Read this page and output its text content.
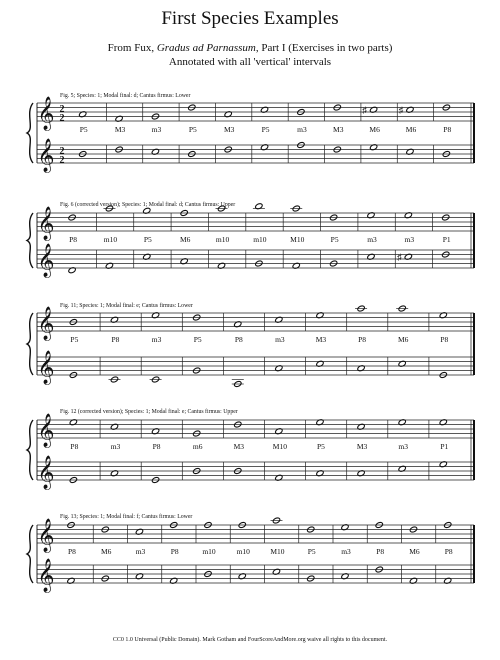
First Species Examples
From Fux, Gradus ad Parnassum, Part I (Exercises in two parts)
Annotated with all 'vertical' intervals
Fig. 5; Species: 1; Modal final: d; Cantus firmus: Lower
𝄞
𝄞
2
2
2
2
P5	M3	m3	P5	M3	P5	m3	M3
♯
M6
♯
M6	P8
Fig. 6 (corrected version); Species: 1; Modal final: d; Cantus firmus: Upper
𝄞
𝄞
P8	m10	P5	M6	m10	m10	M10	P5	m3
♯
m3	P1
Fig. 11; Species: 1; Modal final: e; Cantus firmus: Lower
𝄞
𝄞
P5	P8	m3	P5	P8	m3	M3	P8	M6	P8
Fig. 12 (corrected version); Species: 1; Modal final: e; Cantus firmus: Upper
𝄞
𝄞
P8	m3	P8	m6	M3	M10	P5	M3	m3	P1
Fig. 13; Species: 1; Modal final: f; Cantus firmus: Lower
𝄞
𝄞
P8	M6	m3	P8	m10	m10	M10	P5	m3	P8	M6	P8
CC0 1.0 Universal (Public Domain). Mark Gotham and FourScoreAndMore.org waive all rights to this document.
